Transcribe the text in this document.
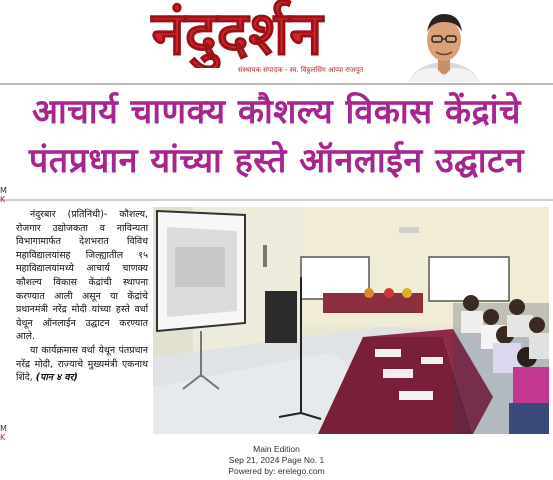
नंदुदर्शन
संस्थापक संपादक - स्व. विठ्ठलसिंग आप्पा राजपूत
आचार्य चाणक्य कौशल्य विकास केंद्रांचे
पंतप्रधान यांच्या हस्ते ऑनलाईन उद्घाटन
M
K
M
K

नंदुरबार (प्रतिनिधी)- कौशल्य, रोजगार उद्योजकता व नाविन्यता विभागामार्फत देशभरात विविध महाविद्यालयांसह जिल्ह्यातील १५ महाविद्यालयांमध्ये आचार्य चाणक्य कौशल्य विकास केंद्रांची स्थापना करण्यात आली असून या केंद्रांचे प्रधानमंत्री नरेंद्र मोदी यांच्या हस्ते वर्धा येथून ऑनलाईन उद्घाटन करण्यात आले.

या कार्यक्रमास वर्धा येथून पंतप्रधान नरेंद्र मोदी, राज्याचे मुख्यमंत्री एकनाथ शिंदे, (पान ४ वर)

Main Edition
Sep 21, 2024 Page No. 1
Powered by: erelego.com
